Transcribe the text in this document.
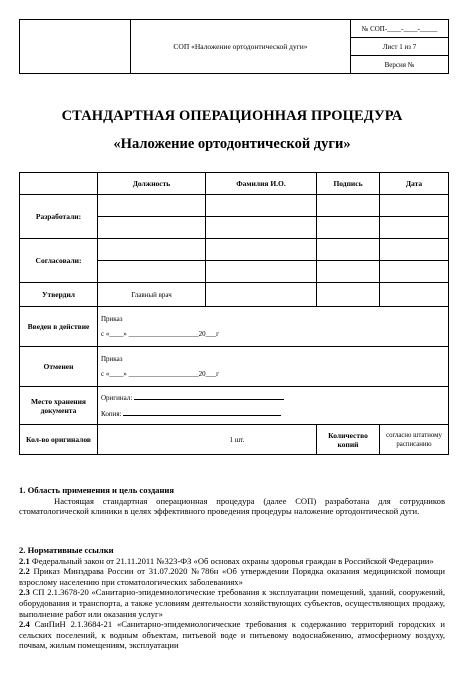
	СОП «Наложение ортодонтической дуги»	№ СОП-____-____-_____
Лист 1 из 7
Версия №
СТАНДАРТНАЯ ОПЕРАЦИОННАЯ ПРОЦЕДУРА
«Наложение ортодонтической дуги»
	Должность	Фамилия И.О.	Подпись	Дата
Разработали:	

Согласовали:	

Утвердил	Главный врач			
Введен в действие	Приказ
с «____» ____________________20___г			

Отменен	Приказ
с «____» ____________________20___г			

Место хранения документа	Оригинал:
Копия:			

Кол-во оригиналов	1 шт.		Количество копий	согласно штатному расписанию
1. Область применения и цель создания
Настоящая стандартная операционная процедура (далее СОП) разработана для сотрудников стоматологической клиники в целях эффективного проведения процедуры наложение ортодонтической дуги.
2. Нормативные ссылки
2.1 Федеральный закон от 21.11.2011 №323-ФЗ «Об основах охраны здоровья граждан в Российской Федерации»
2.2 Приказ Минздрава России от 31.07.2020 №786н «Об утверждении Порядка оказания медицинской помощи взрослому населению при стоматологических заболеваниях»
2.3 СП 2.1.3678-20 «Санитарно-эпидемиологические требования к эксплуатации помещений, зданий, сооружений, оборудования и транспорта, а также условиям деятельности хозяйствующих субъектов, осуществляющих продажу, выполнение работ или оказания услуг»
2.4 СанПиН 2.1.3684-21 «Санитарно-эпидемиологические требования к содержанию территорий городских и сельских поселений, к водным объектам, питьевой воде и питьевому водоснабжению, атмосферному воздуху, почвам, жилым помещениям, эксплуатации
